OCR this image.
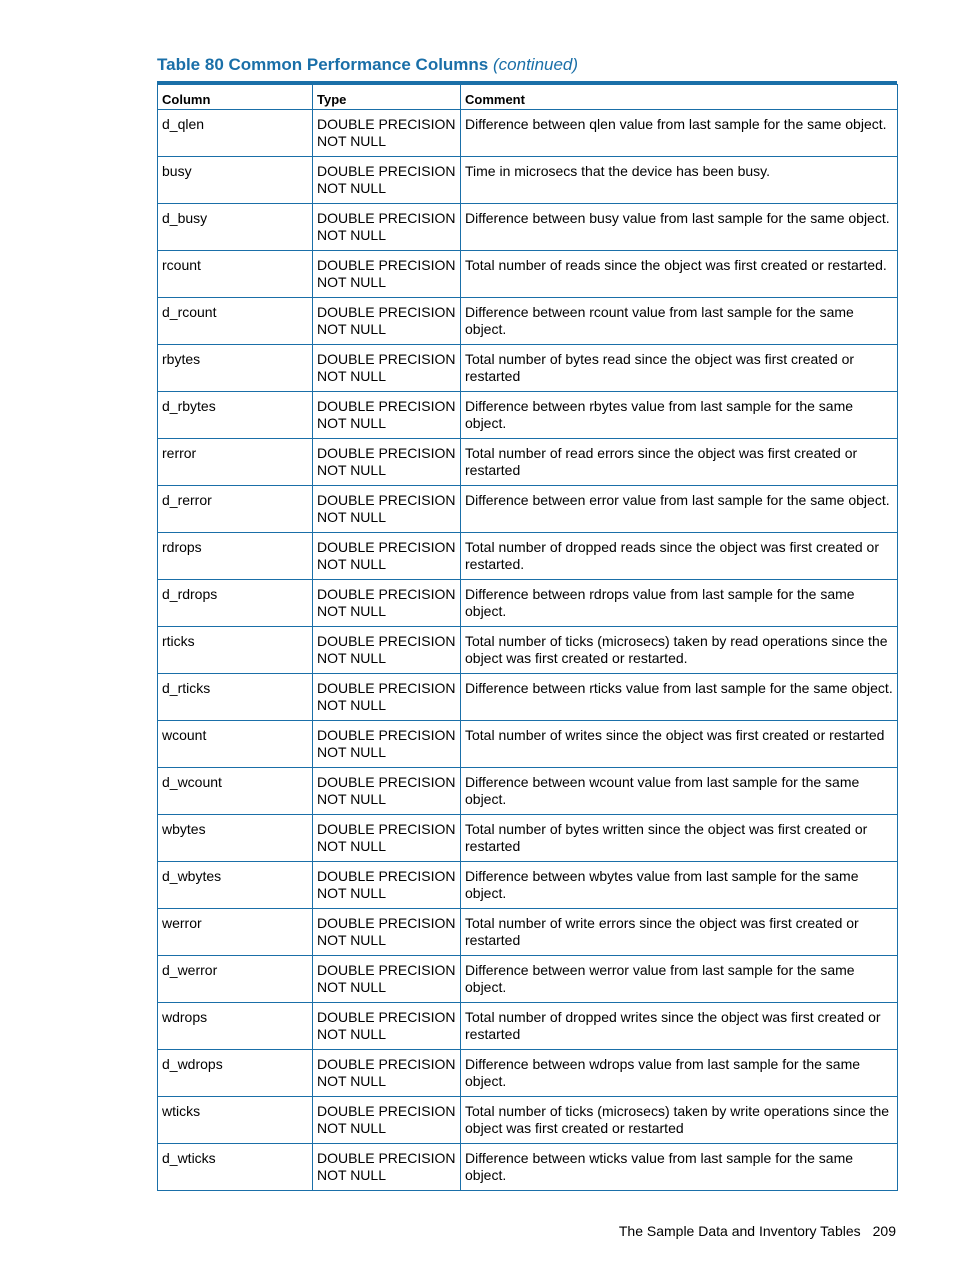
Table 80 Common Performance Columns (continued)
Column	Type	Comment
d_qlen	DOUBLE PRECISION NOT NULL	Difference between qlen value from last sample for the same object.
busy	DOUBLE PRECISION NOT NULL	Time in microsecs that the device has been busy.
d_busy	DOUBLE PRECISION NOT NULL	Difference between busy value from last sample for the same object.
rcount	DOUBLE PRECISION NOT NULL	Total number of reads since the object was first created or restarted.
d_rcount	DOUBLE PRECISION NOT NULL	Difference between rcount value from last sample for the same object.
rbytes	DOUBLE PRECISION NOT NULL	Total number of bytes read since the object was first created or restarted
d_rbytes	DOUBLE PRECISION NOT NULL	Difference between rbytes value from last sample for the same object.
rerror	DOUBLE PRECISION NOT NULL	Total number of read errors since the object was first created or restarted
d_rerror	DOUBLE PRECISION NOT NULL	Difference between error value from last sample for the same object.
rdrops	DOUBLE PRECISION NOT NULL	Total number of dropped reads since the object was first created or restarted.
d_rdrops	DOUBLE PRECISION NOT NULL	Difference between rdrops value from last sample for the same object.
rticks	DOUBLE PRECISION NOT NULL	Total number of ticks (microsecs) taken by read operations since the object was first created or restarted.
d_rticks	DOUBLE PRECISION NOT NULL	Difference between rticks value from last sample for the same object.
wcount	DOUBLE PRECISION NOT NULL	Total number of writes since the object was first created or restarted
d_wcount	DOUBLE PRECISION NOT NULL	Difference between wcount value from last sample for the same object.
wbytes	DOUBLE PRECISION NOT NULL	Total number of bytes written since the object was first created or restarted
d_wbytes	DOUBLE PRECISION NOT NULL	Difference between wbytes value from last sample for the same object.
werror	DOUBLE PRECISION NOT NULL	Total number of write errors since the object was first created or restarted
d_werror	DOUBLE PRECISION NOT NULL	Difference between werror value from last sample for the same object.
wdrops	DOUBLE PRECISION NOT NULL	Total number of dropped writes since the object was first created or restarted
d_wdrops	DOUBLE PRECISION NOT NULL	Difference between wdrops value from last sample for the same object.
wticks	DOUBLE PRECISION NOT NULL	Total number of ticks (microsecs) taken by write operations since the object was first created or restarted
d_wticks	DOUBLE PRECISION NOT NULL	Difference between wticks value from last sample for the same object.
The Sample Data and Inventory Tables 209
